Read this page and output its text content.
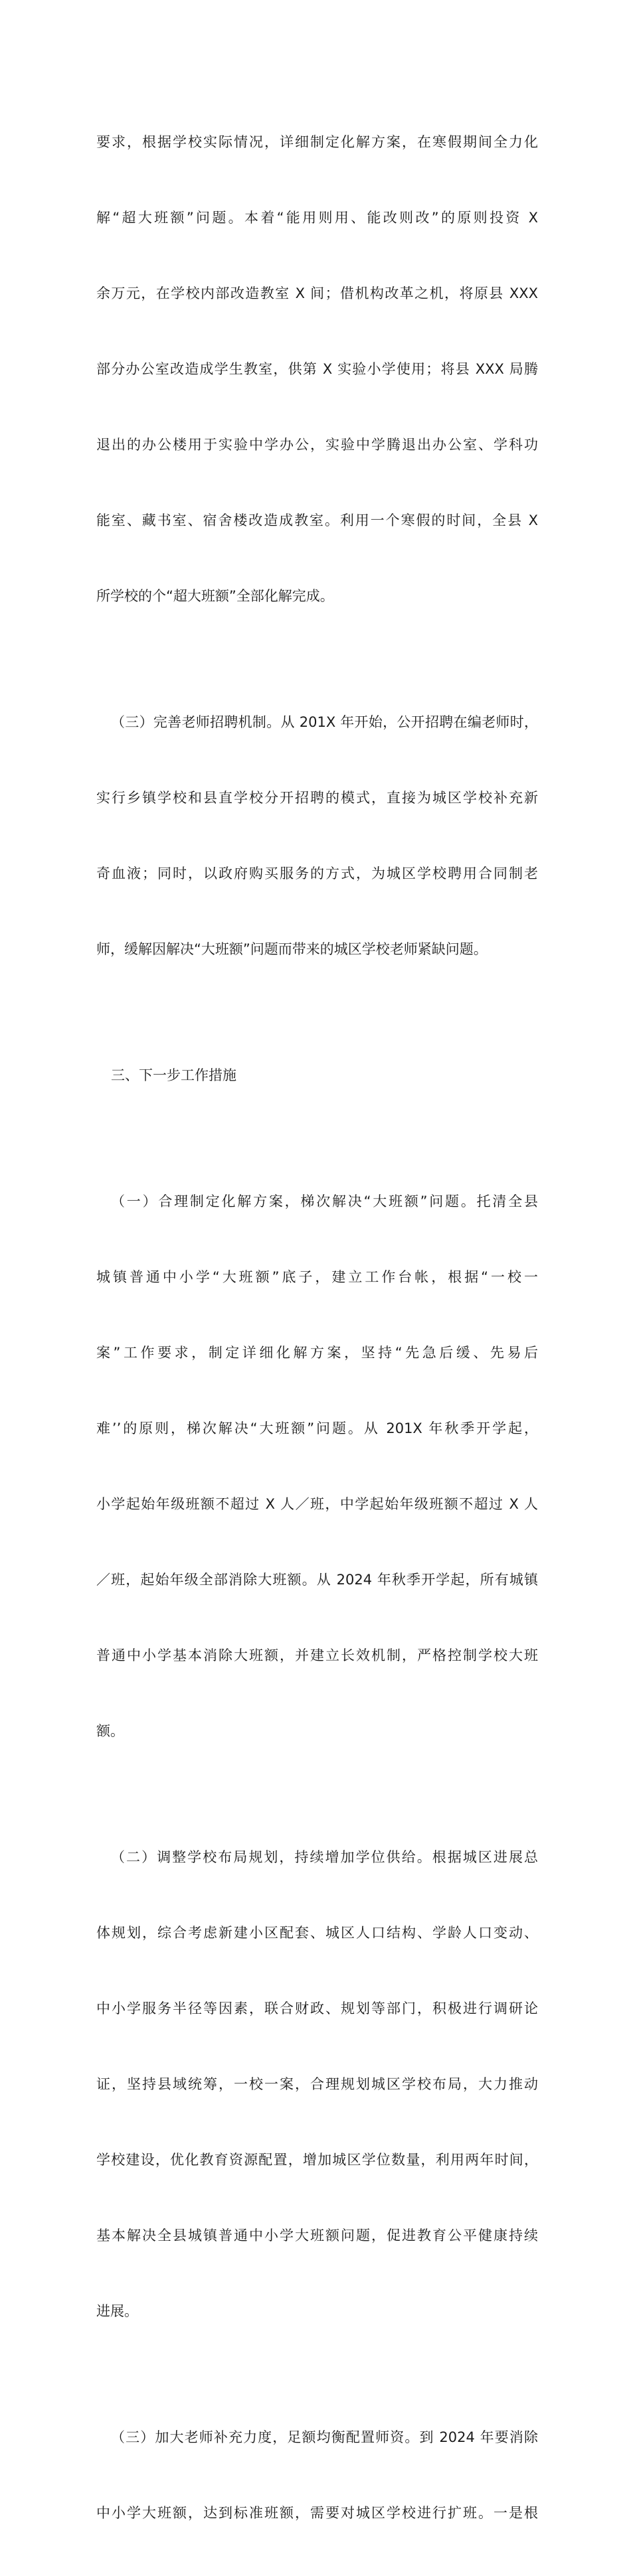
要求，根据学校实际情况，详细制定化解方案，在寒假期间全力化

解“超大班额”问题。本着“能用则用、能改则改”的原则投资 X

余万元，在学校内部改造教室 X 间；借机构改革之机，将原县 XXX

部分办公室改造成学生教室，供第 X 实验小学使用；将县 XXX 局腾

退出的办公楼用于实验中学办公，实验中学腾退出办公室、学科功

能室、藏书室、宿舍楼改造成教室。利用一个寒假的时间，全县 X

所学校的个“超大班额”全部化解完成。

（三）完善老师招聘机制。从 201X 年开始，公开招聘在编老师时，

实行乡镇学校和县直学校分开招聘的模式，直接为城区学校补充新

奇血液；同时，以政府购买服务的方式，为城区学校聘用合同制老

师，缓解因解决“大班额”问题而带来的城区学校老师紧缺问题。

三、下一步工作措施

（一）合理制定化解方案，梯次解决“大班额”问题。托清全县

城镇普通中小学“大班额”底子，建立工作台帐，根据“一校一

案”工作要求，制定详细化解方案，坚持“先急后缓、先易后

难’’的原则，梯次解决“大班额”问题。从 201X 年秋季开学起，

小学起始年级班额不超过 X 人／班，中学起始年级班额不超过 X 人

／班，起始年级全部消除大班额。从 2024 年秋季开学起，所有城镇

普通中小学基本消除大班额，并建立长效机制，严格控制学校大班

额。

（二）调整学校布局规划，持续增加学位供给。根据城区进展总

体规划，综合考虑新建小区配套、城区人口结构、学龄人口变动、

中小学服务半径等因素，联合财政、规划等部门，积极进行调研论

证，坚持县域统筹，一校一案，合理规划城区学校布局，大力推动

学校建设，优化教育资源配置，增加城区学位数量，利用两年时间，

基本解决全县城镇普通中小学大班额问题，促进教育公平健康持续

进展。

（三）加大老师补充力度，足额均衡配置师资。到 2024 年要消除

中小学大班额，达到标准班额，需要对城区学校进行扩班。一是根
